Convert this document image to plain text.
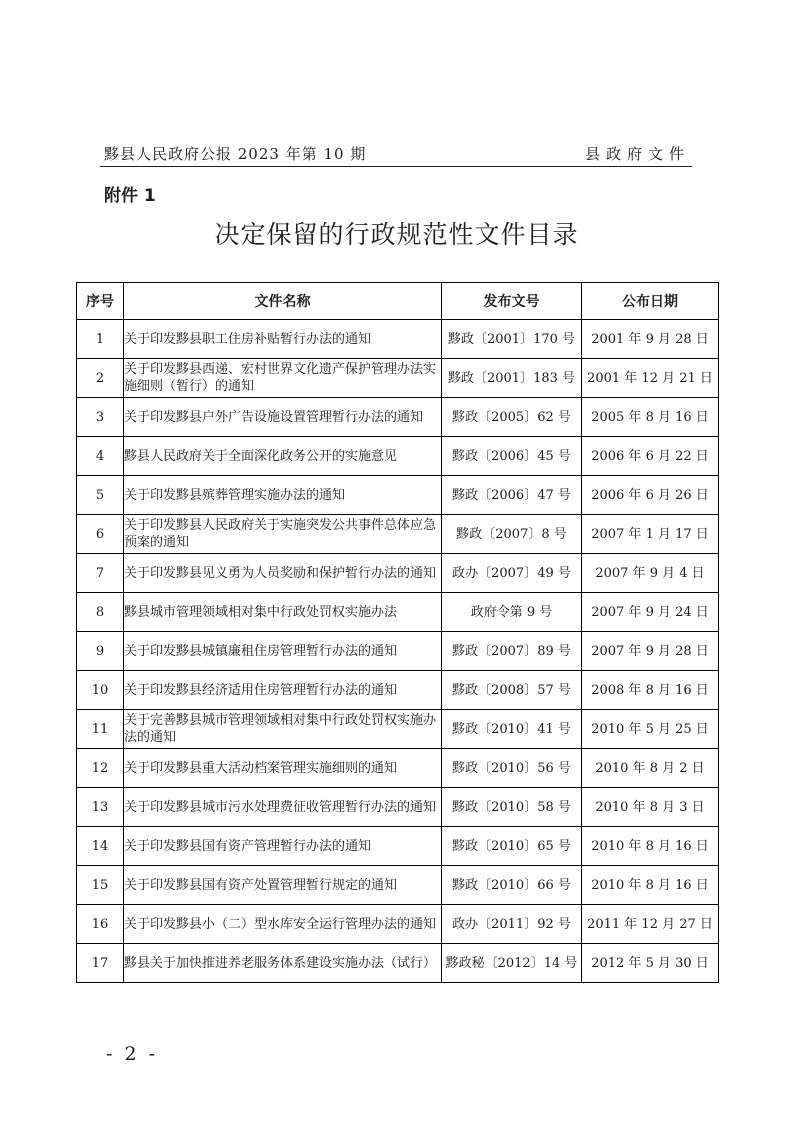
黟县人民政府公报 2023 年第 10 期	县政府文件
附件 1
决定保留的行政规范性文件目录
序号	文件名称	发布文号	公布日期
1	关于印发黟县职工住房补贴暂行办法的通知	黟政〔2001〕170 号	2001 年 9 月 28 日
2	关于印发黟县西递、宏村世界文化遗产保护管理办法实施细则（暂行）的通知	黟政〔2001〕183 号	2001 年 12 月 21 日
3	关于印发黟县户外广告设施设置管理暂行办法的通知	黟政〔2005〕62 号	2005 年 8 月 16 日
4	黟县人民政府关于全面深化政务公开的实施意见	黟政〔2006〕45 号	2006 年 6 月 22 日
5	关于印发黟县殡葬管理实施办法的通知	黟政〔2006〕47 号	2006 年 6 月 26 日
6	关于印发黟县人民政府关于实施突发公共事件总体应急预案的通知	黟政〔2007〕8 号	2007 年 1 月 17 日
7	关于印发黟县见义勇为人员奖励和保护暂行办法的通知	政办〔2007〕49 号	2007 年 9 月 4 日
8	黟县城市管理领域相对集中行政处罚权实施办法	政府令第 9 号	2007 年 9 月 24 日
9	关于印发黟县城镇廉租住房管理暂行办法的通知	黟政〔2007〕89 号	2007 年 9 月 28 日
10	关于印发黟县经济适用住房管理暂行办法的通知	黟政〔2008〕57 号	2008 年 8 月 16 日
11	关于完善黟县城市管理领域相对集中行政处罚权实施办法的通知	黟政〔2010〕41 号	2010 年 5 月 25 日
12	关于印发黟县重大活动档案管理实施细则的通知	黟政〔2010〕56 号	2010 年 8 月 2 日
13	关于印发黟县城市污水处理费征收管理暂行办法的通知	黟政〔2010〕58 号	2010 年 8 月 3 日
14	关于印发黟县国有资产管理暂行办法的通知	黟政〔2010〕65 号	2010 年 8 月 16 日
15	关于印发黟县国有资产处置管理暂行规定的通知	黟政〔2010〕66 号	2010 年 8 月 16 日
16	关于印发黟县小（二）型水库安全运行管理办法的通知	政办〔2011〕92 号	2011 年 12 月 27 日
17	黟县关于加快推进养老服务体系建设实施办法（试行）	黟政秘〔2012〕14 号	2012 年 5 月 30 日
- 2 -
